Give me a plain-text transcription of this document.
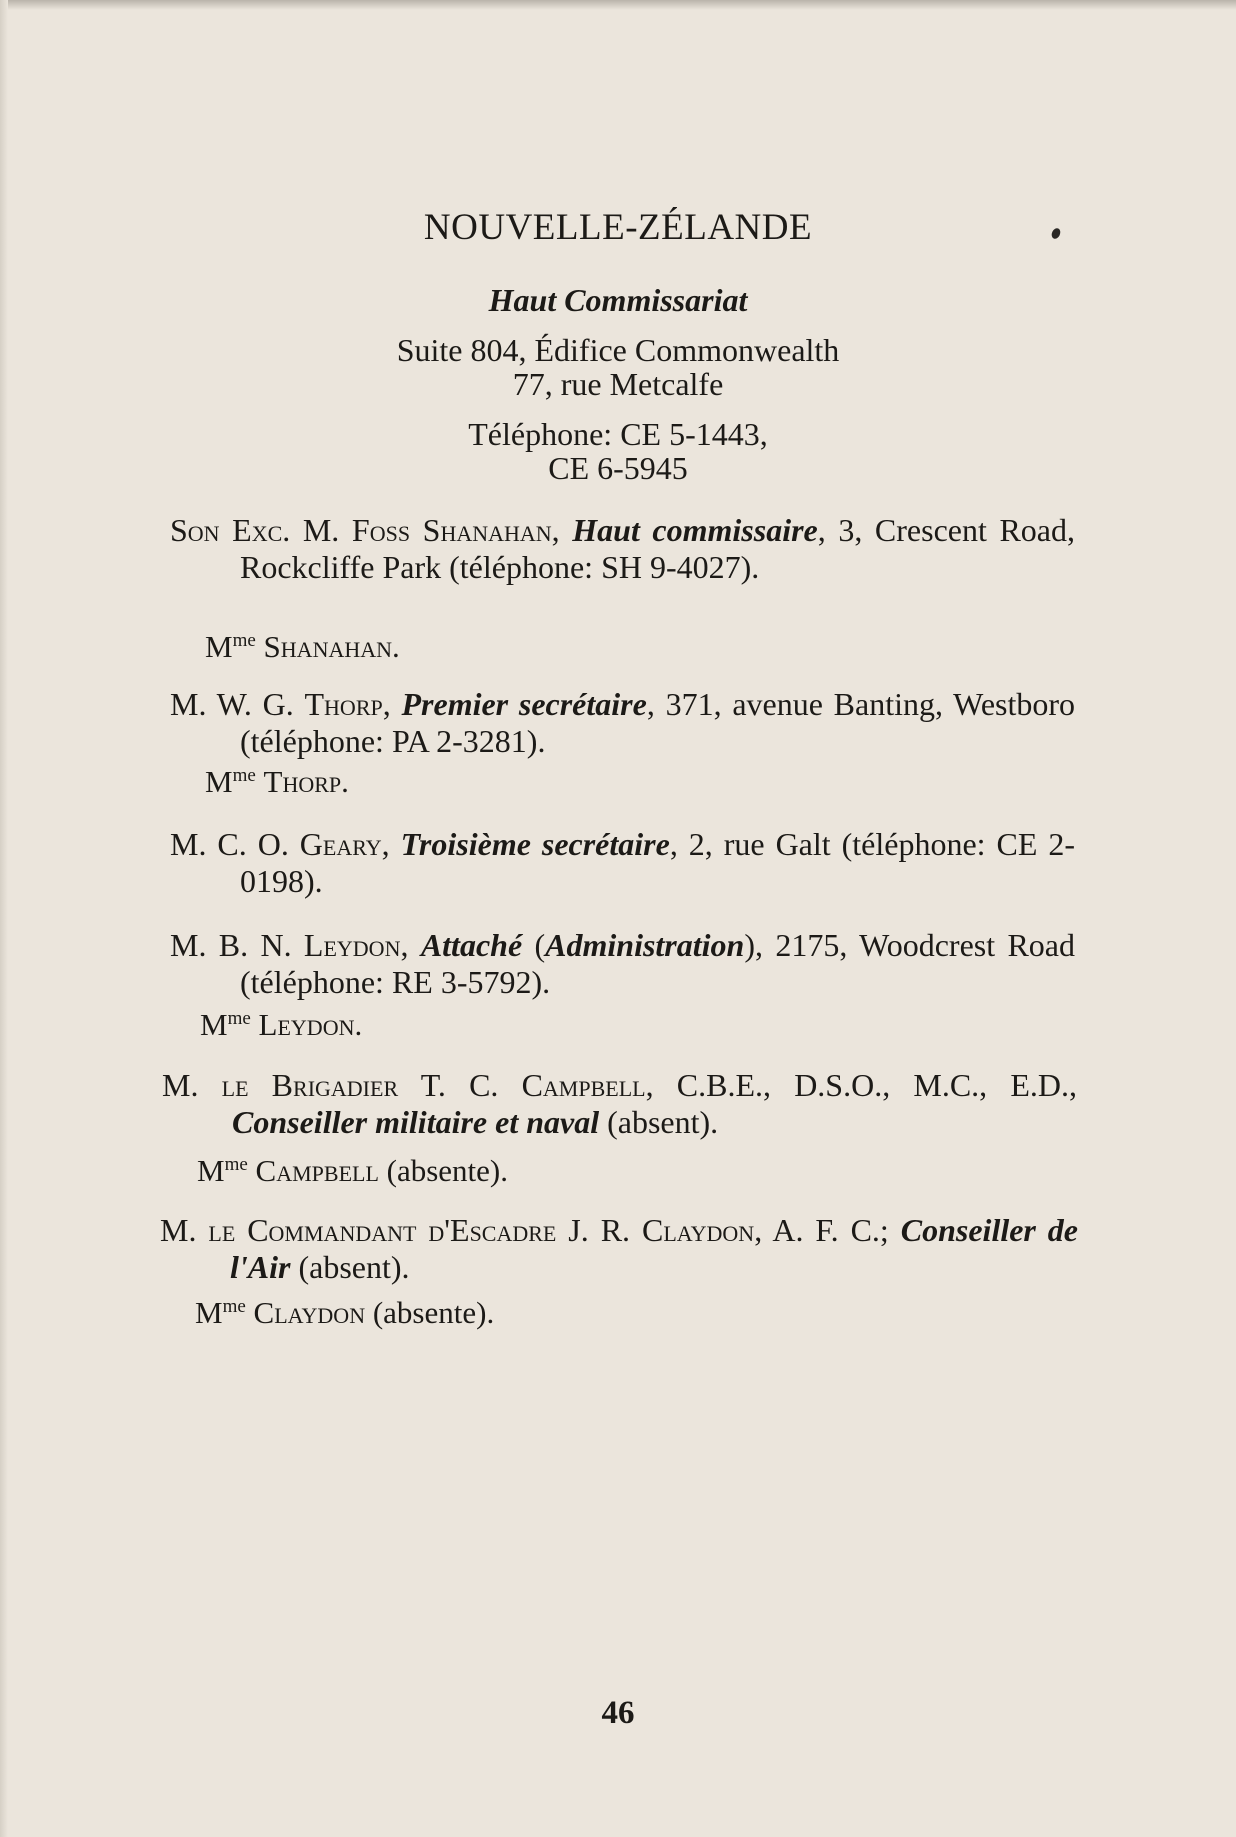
NOUVELLE-ZÉLANDE

Haut Commissariat

Suite 804, Édifice Commonwealth

77, rue Metcalfe

Téléphone: CE 5-1443,

CE 6-5945

Son Exc. M. Foss Shanahan, Haut commissaire, 3, Crescent Road, Rockcliffe Park (téléphone: SH 9-4027).

$M^{me}$ Shanahan.

M. W. G. Thorp, Premier secrétaire, 371, avenue Banting, Westboro (téléphone: PA 2-3281).

$M^{me}$ Thorp.

M. C. O. Geary, Troisième secrétaire, 2, rue Galt (téléphone: CE 2-0198).

M. B. N. Leydon, Attaché (Administration), 2175, Woodcrest Road (téléphone: RE 3-5792).

$M^{me}$ Leydon.

M. le Brigadier T. C. Campbell, C.B.E., D.S.O., M.C., E.D., Conseiller militaire et naval (absent).

$M^{me}$ Campbell (absente).

M. le Commandant d'Escadre J. R. Claydon, A. F. C.; Conseiller de l'Air (absent).

$M^{me}$ Claydon (absente).

46
